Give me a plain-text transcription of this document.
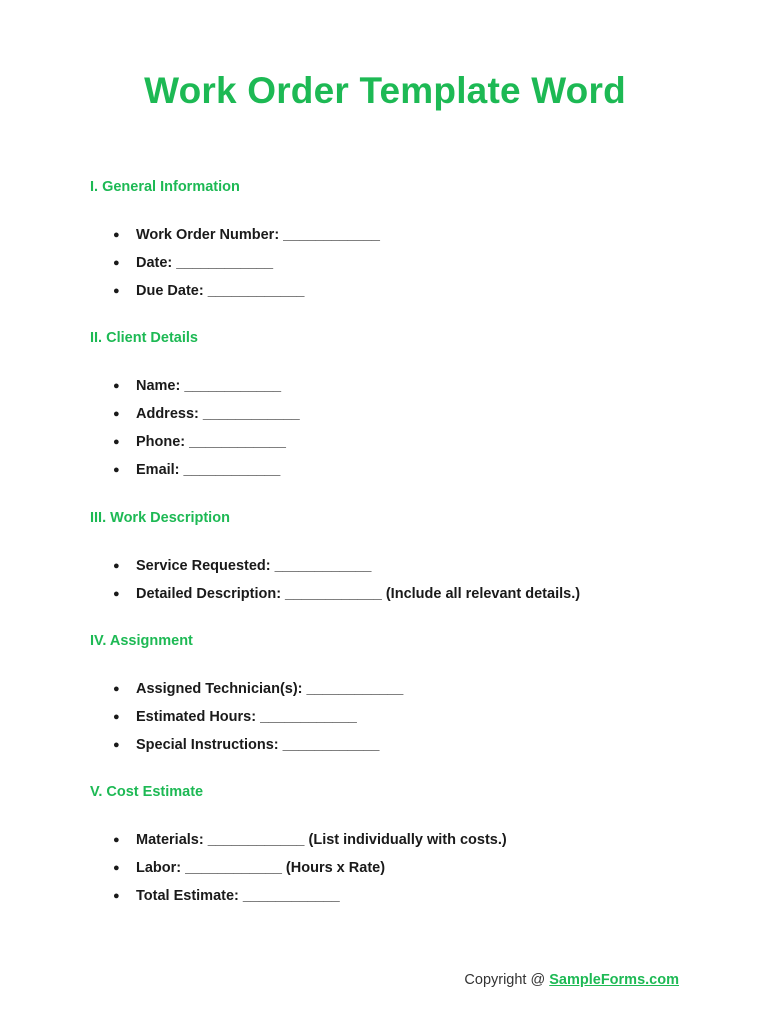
Work Order Template Word
I. General Information
● Work Order Number: ____________
● Date: ____________
● Due Date: ____________
II. Client Details
● Name: ____________
● Address: ____________
● Phone: ____________
● Email: ____________
III. Work Description
● Service Requested: ____________
● Detailed Description: ____________ (Include all relevant details.)
IV. Assignment
● Assigned Technician(s): ____________
● Estimated Hours: ____________
● Special Instructions: ____________
V. Cost Estimate
● Materials: ____________ (List individually with costs.)
● Labor: ____________ (Hours x Rate)
● Total Estimate: ____________
Copyright @ SampleForms.com
